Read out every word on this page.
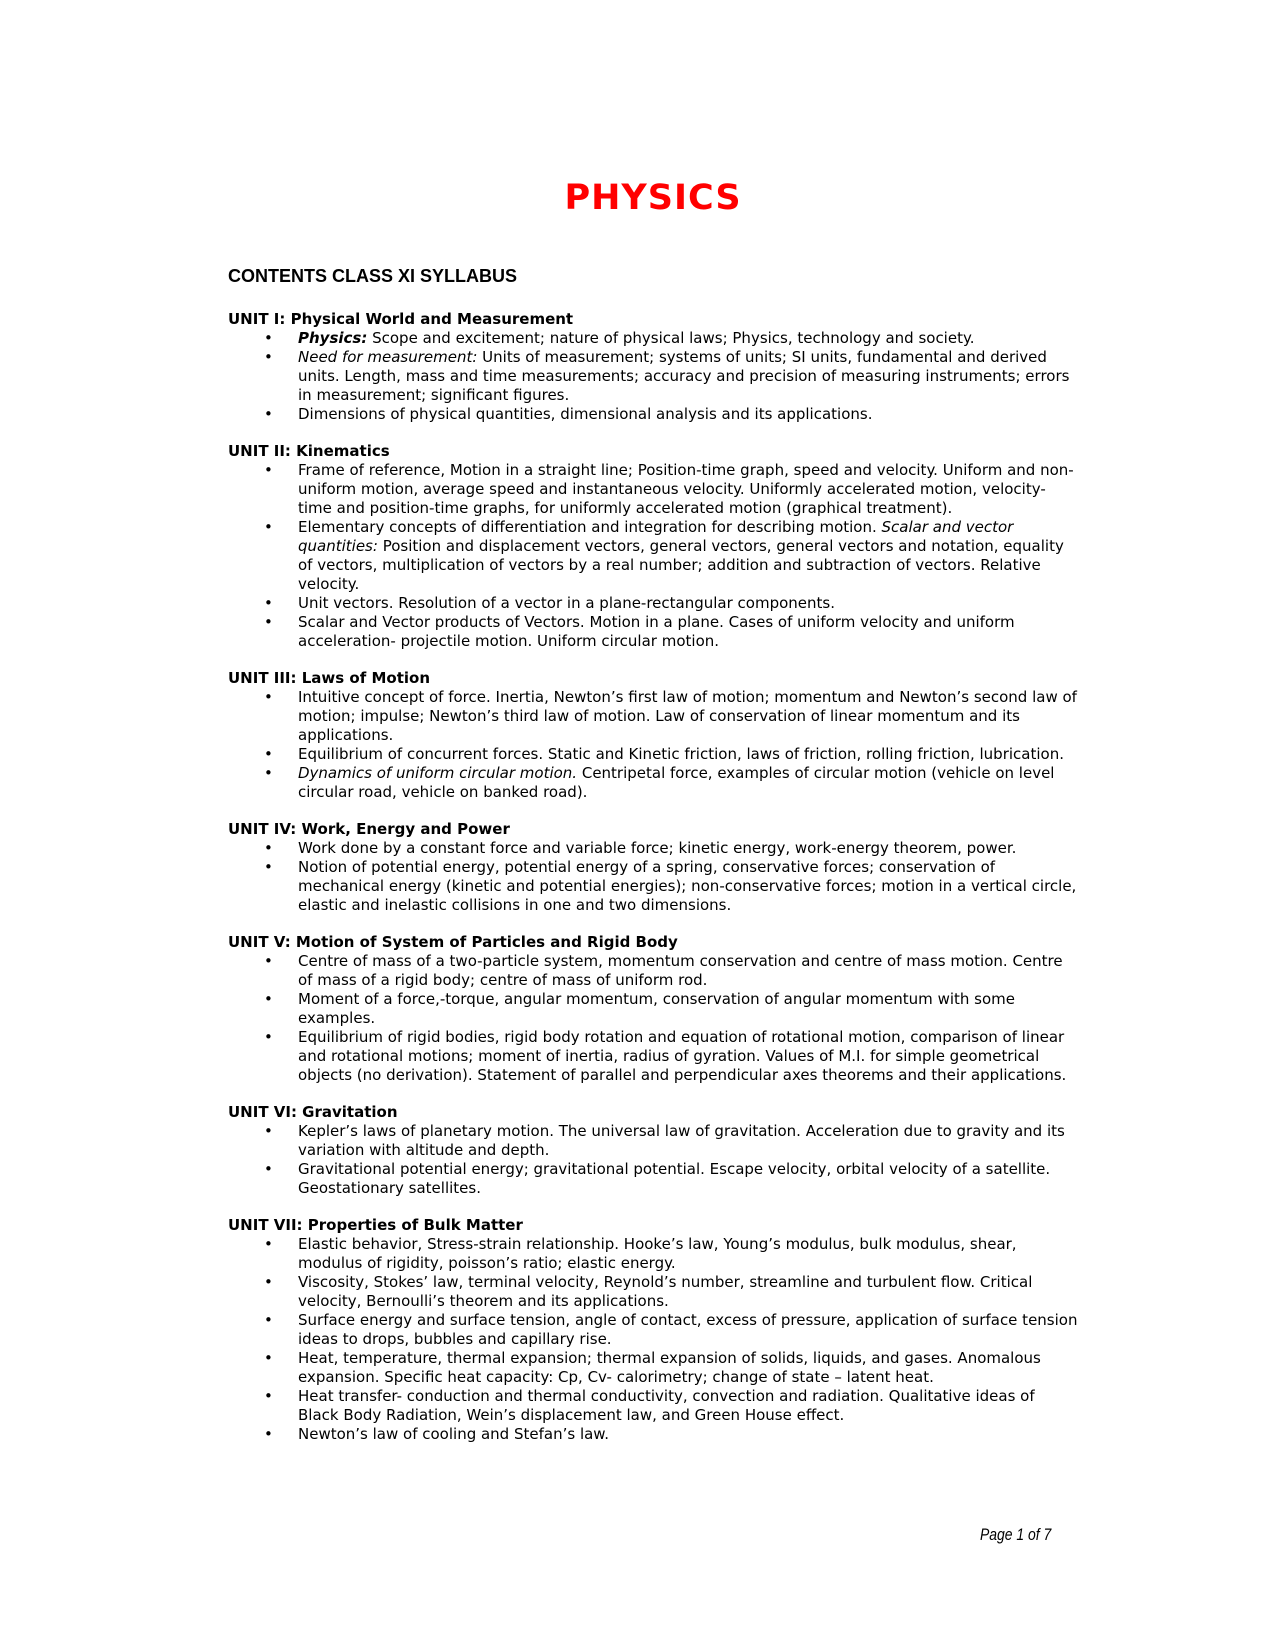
PHYSICS
CONTENTS CLASS XI SYLLABUS
UNIT I: Physical World and Measurement
• Physics: Scope and excitement; nature of physical laws; Physics, technology and society.
• Need for measurement: Units of measurement; systems of units; SI units, fundamental and derived units. Length, mass and time measurements; accuracy and precision of measuring instruments; errors in measurement; significant figures.
• Dimensions of physical quantities, dimensional analysis and its applications.
UNIT II: Kinematics
• Frame of reference, Motion in a straight line; Position-time graph, speed and velocity. Uniform and non-uniform motion, average speed and instantaneous velocity. Uniformly accelerated motion, velocity-time and position-time graphs, for uniformly accelerated motion (graphical treatment).
• Elementary concepts of differentiation and integration for describing motion. Scalar and vector quantities: Position and displacement vectors, general vectors, general vectors and notation, equality of vectors, multiplication of vectors by a real number; addition and subtraction of vectors. Relative velocity.
• Unit vectors. Resolution of a vector in a plane-rectangular components.
• Scalar and Vector products of Vectors. Motion in a plane. Cases of uniform velocity and uniform acceleration- projectile motion. Uniform circular motion.
UNIT III: Laws of Motion
• Intuitive concept of force. Inertia, Newton’s first law of motion; momentum and Newton’s second law of motion; impulse; Newton’s third law of motion. Law of conservation of linear momentum and its applications.
• Equilibrium of concurrent forces. Static and Kinetic friction, laws of friction, rolling friction, lubrication.
• Dynamics of uniform circular motion. Centripetal force, examples of circular motion (vehicle on level circular road, vehicle on banked road).
UNIT IV: Work, Energy and Power
• Work done by a constant force and variable force; kinetic energy, work-energy theorem, power.
• Notion of potential energy, potential energy of a spring, conservative forces; conservation of mechanical energy (kinetic and potential energies); non-conservative forces; motion in a vertical circle, elastic and inelastic collisions in one and two dimensions.
UNIT V: Motion of System of Particles and Rigid Body
• Centre of mass of a two-particle system, momentum conservation and centre of mass motion. Centre of mass of a rigid body; centre of mass of uniform rod.
• Moment of a force,-torque, angular momentum, conservation of angular momentum with some examples.
• Equilibrium of rigid bodies, rigid body rotation and equation of rotational motion, comparison of linear and rotational motions; moment of inertia, radius of gyration. Values of M.I. for simple geometrical objects (no derivation). Statement of parallel and perpendicular axes theorems and their applications.
UNIT VI: Gravitation
• Kepler’s laws of planetary motion. The universal law of gravitation. Acceleration due to gravity and its variation with altitude and depth.
• Gravitational potential energy; gravitational potential. Escape velocity, orbital velocity of a satellite. Geostationary satellites.
UNIT VII: Properties of Bulk Matter
• Elastic behavior, Stress-strain relationship. Hooke’s law, Young’s modulus, bulk modulus, shear, modulus of rigidity, poisson’s ratio; elastic energy.
• Viscosity, Stokes’ law, terminal velocity, Reynold’s number, streamline and turbulent flow. Critical velocity, Bernoulli’s theorem and its applications.
• Surface energy and surface tension, angle of contact, excess of pressure, application of surface tension ideas to drops, bubbles and capillary rise.
• Heat, temperature, thermal expansion; thermal expansion of solids, liquids, and gases. Anomalous expansion. Specific heat capacity: Cp, Cv- calorimetry; change of state – latent heat.
• Heat transfer- conduction and thermal conductivity, convection and radiation. Qualitative ideas of Black Body Radiation, Wein’s displacement law, and Green House effect.
• Newton’s law of cooling and Stefan’s law.
Page 1 of 7
